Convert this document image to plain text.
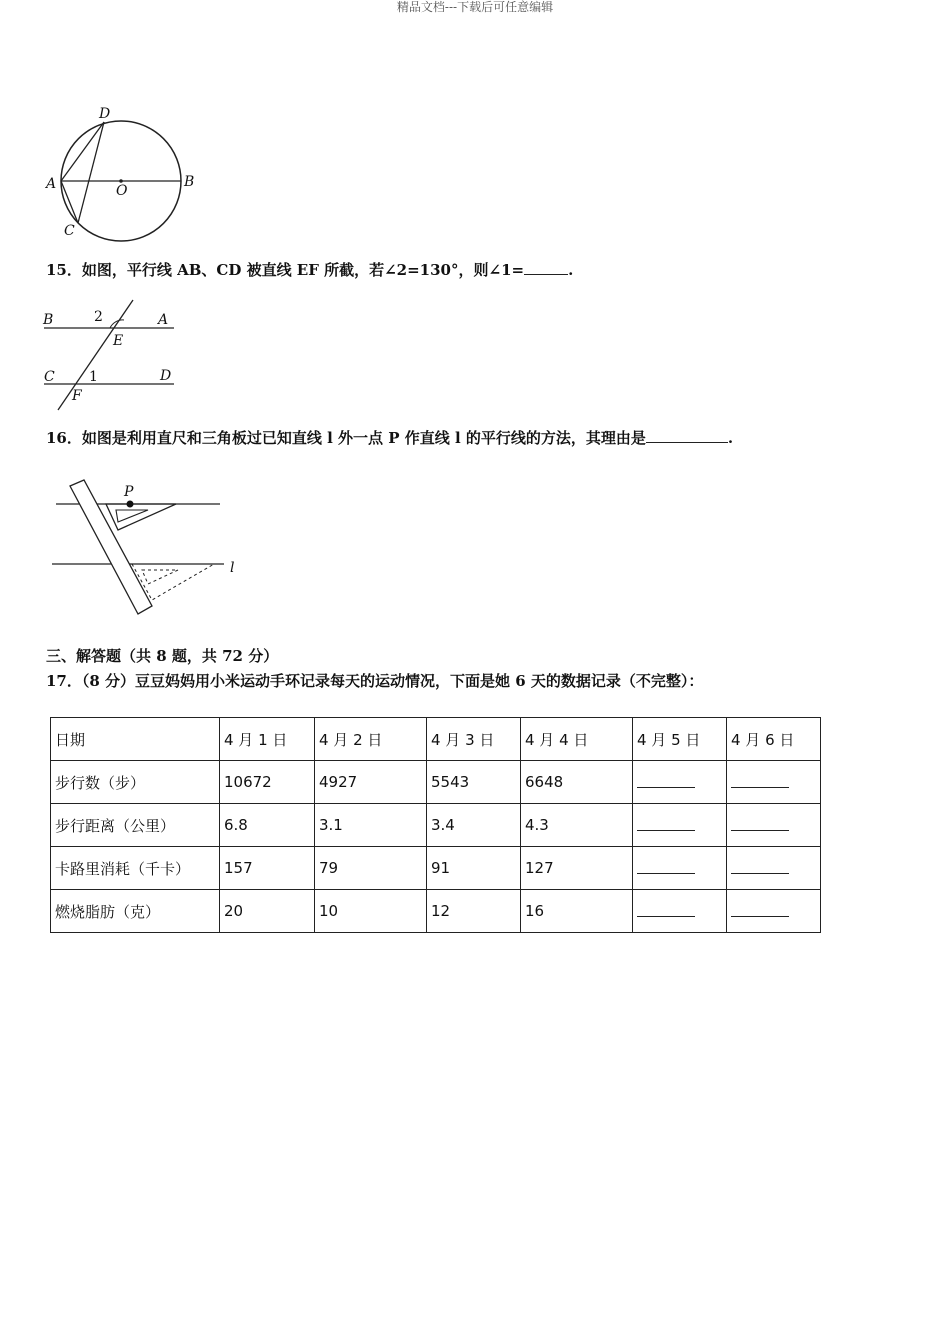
精品文档---下载后可任意编辑
D
A	O
B
C
15．如图，平行线 AB、CD 被直线 EF 所截，若∠2=130°，则∠1=	.
B	2	A
E
C 1	D
F
16．如图是利用直尺和三角板过已知直线 l 外一点 P 作直线 l 的平行线的方法，其理由是	.
P
l
三、解答题（共 8 题，共 72 分）
17．（8 分）豆豆妈妈用小米运动手环记录每天的运动情况，下面是她 6 天的数据记录（不完整）：
日期	4 月 1 日	4 月 2 日	4 月 3 日	4 月 4 日	4 月 5 日	4 月 6 日
步行数（步）	10672	4927	5543	6648		
步行距离（公里）	6.8	3.1	3.4	4.3		
卡路里消耗（千卡）	157	79	91	127		
燃烧脂肪（克）	20	10	12	16		
